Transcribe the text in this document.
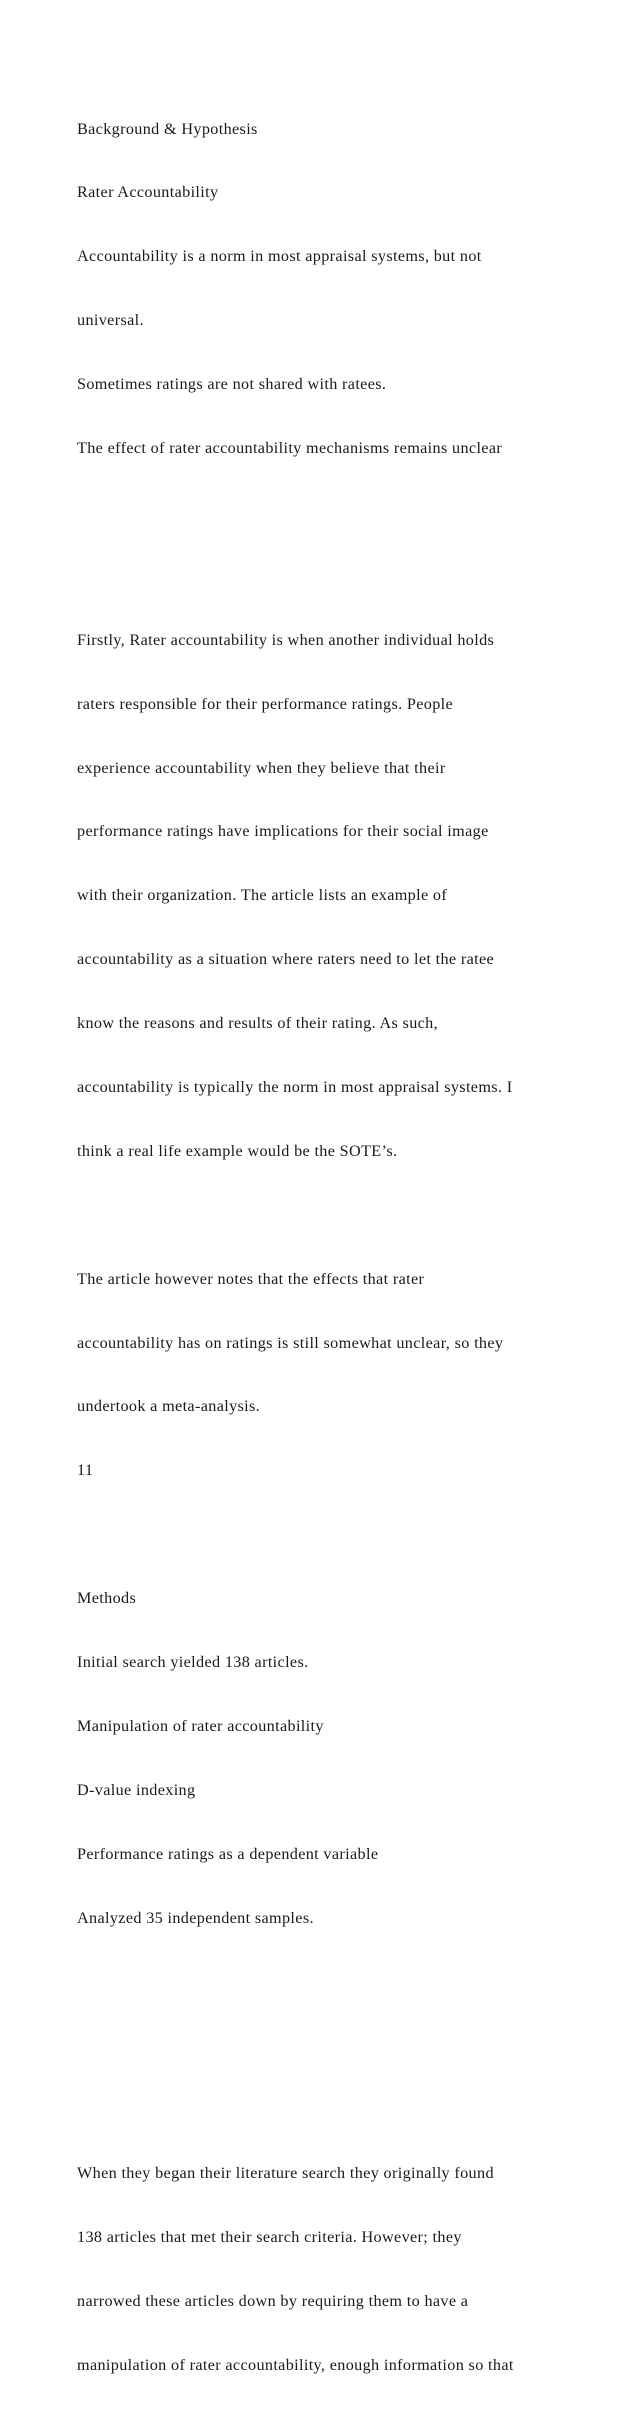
Background & Hypothesis

Rater Accountability

Accountability is a norm in most appraisal systems, but not

universal.

Sometimes ratings are not shared with ratees.

The effect of rater accountability mechanisms remains unclear

Firstly, Rater accountability is when another individual holds

raters responsible for their performance ratings. People

experience accountability when they believe that their

performance ratings have implications for their social image

with their organization. The article lists an example of

accountability as a situation where raters need to let the ratee

know the reasons and results of their rating. As such,

accountability is typically the norm in most appraisal systems. I

think a real life example would be the SOTE’s.

The article however notes that the effects that rater

accountability has on ratings is still somewhat unclear, so they

undertook a meta-analysis.

11

Methods

Initial search yielded 138 articles.

Manipulation of rater accountability

D-value indexing

Performance ratings as a dependent variable

Analyzed 35 independent samples.

When they began their literature search they originally found

138 articles that met their search criteria. However; they

narrowed these articles down by requiring them to have a

manipulation of rater accountability, enough information so that
